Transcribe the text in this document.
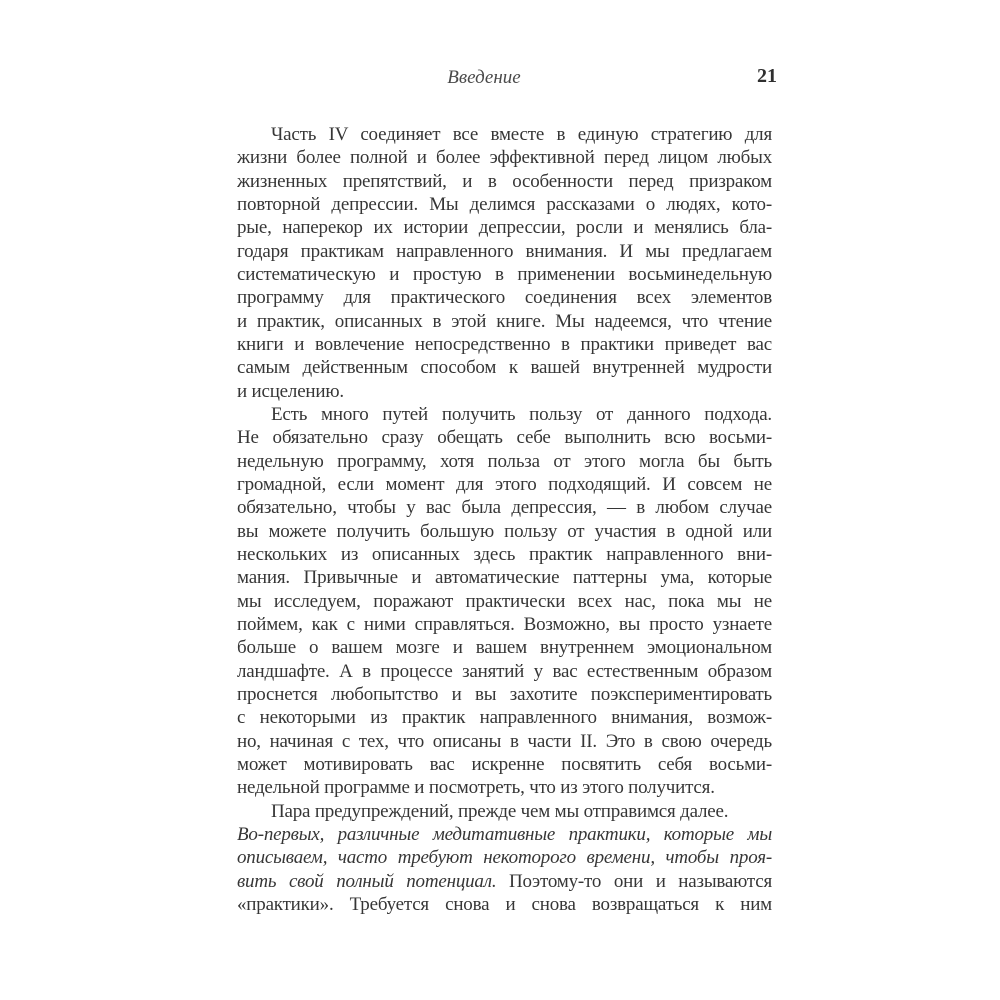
Введение	21
Часть IV соединяет все вместе в единую стратегию для
жизни более полной и более эффективной перед лицом любых
жизненных препятствий, и в особенности перед призраком
повторной депрессии. Мы делимся рассказами о людях, кото-
рые, наперекор их истории депрессии, росли и менялись бла-
годаря практикам направленного внимания. И мы предлагаем
систематическую и простую в применении восьминедельную
программу для практического соединения всех элементов
и практик, описанных в этой книге. Мы надеемся, что чтение
книги и вовлечение непосредственно в практики приведет вас
самым действенным способом к вашей внутренней мудрости
и исцелению.
Есть много путей получить пользу от данного подхода.
Не обязательно сразу обещать себе выполнить всю восьми-
недельную программу, хотя польза от этого могла бы быть
громадной, если момент для этого подходящий. И совсем не
обязательно, чтобы у вас была депрессия, — в любом случае
вы можете получить большую пользу от участия в одной или
нескольких из описанных здесь практик направленного вни-
мания. Привычные и автоматические паттерны ума, которые
мы исследуем, поражают практически всех нас, пока мы не
поймем, как с ними справляться. Возможно, вы просто узнаете
больше о вашем мозге и вашем внутреннем эмоциональном
ландшафте. А в процессе занятий у вас естественным образом
проснется любопытство и вы захотите поэкспериментировать
с некоторыми из практик направленного внимания, возмож-
но, начиная с тех, что описаны в части II. Это в свою очередь
может мотивировать вас искренне посвятить себя восьми-
недельной программе и посмотреть, что из этого получится.
Пара предупреждений, прежде чем мы отправимся далее.
Во-первых, различные медитативные практики, которые мы
описываем, часто требуют некоторого времени, чтобы проя-
вить свой полный потенциал. Поэтому-то они и называются
«практики». Требуется снова и снова возвращаться к ним
